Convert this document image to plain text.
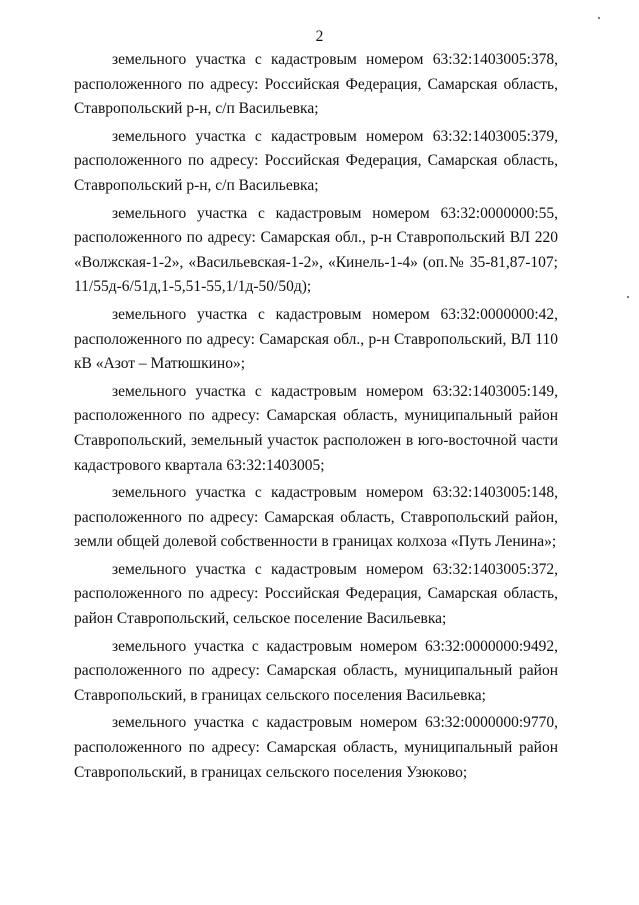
2

земельного участка с кадастровым номером 63:32:1403005:378, расположенного по адресу: Российская Федерация, Самарская область, Ставропольский р-н, с/п Васильевка;

земельного участка с кадастровым номером 63:32:1403005:379, расположенного по адресу: Российская Федерация, Самарская область, Ставропольский р-н, с/п Васильевка;

земельного участка с кадастровым номером 63:32:0000000:55, расположенного по адресу: Самарская обл., р-н Ставропольский ВЛ 220 «Волжская-1-2», «Васильевская-1-2», «Кинель-1-4» (оп.№ 35-81,87-107; 11/55д-6/51д,1-5,51-55,1/1д-50/50д);

земельного участка с кадастровым номером 63:32:0000000:42, расположенного по адресу: Самарская обл., р-н Ставропольский, ВЛ 110 кВ «Азот – Матюшкино»;

земельного участка с кадастровым номером 63:32:1403005:149, расположенного по адресу: Самарская область, муниципальный район Ставропольский, земельный участок расположен в юго-восточной части кадастрового квартала 63:32:1403005;

земельного участка с кадастровым номером 63:32:1403005:148, расположенного по адресу: Самарская область, Ставропольский район, земли общей долевой собственности в границах колхоза «Путь Ленина»;

земельного участка с кадастровым номером 63:32:1403005:372, расположенного по адресу: Российская Федерация, Самарская область, район Ставропольский, сельское поселение Васильевка;

земельного участка с кадастровым номером 63:32:0000000:9492, расположенного по адресу: Самарская область, муниципальный район Ставропольский, в границах сельского поселения Васильевка;

земельного участка с кадастровым номером 63:32:0000000:9770, расположенного по адресу: Самарская область, муниципальный район Ставропольский, в границах сельского поселения Узюково;
